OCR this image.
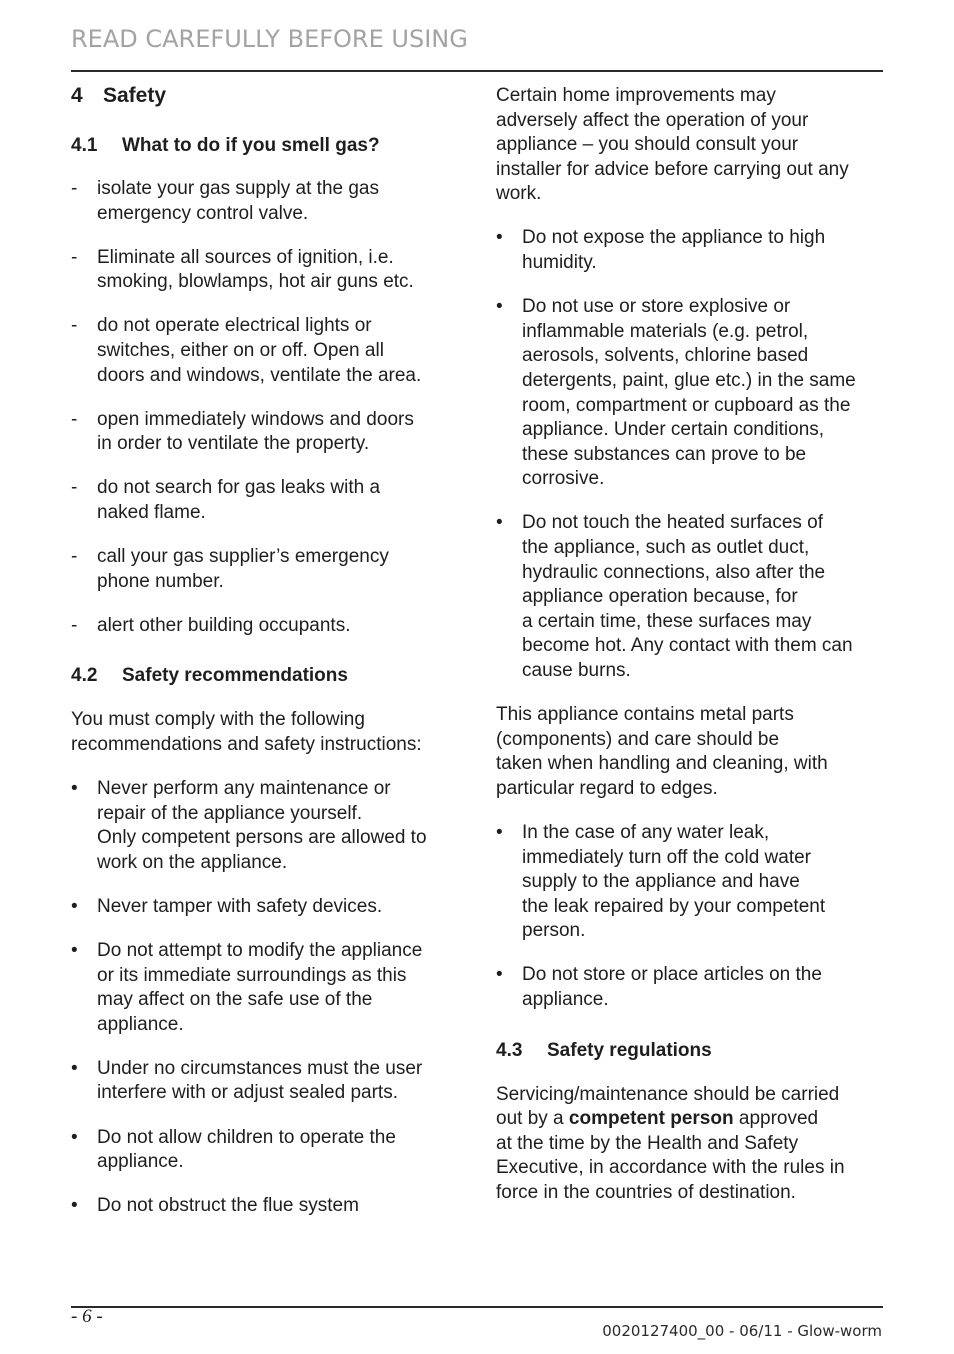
READ CAREFULLY BEFORE USING
4 Safety
4.1 What to do if you smell gas?
-	isolate your gas supply at the gas
emergency control valve.
-	Eliminate all sources of ignition, i.e.
smoking, blowlamps, hot air guns etc.
-	do not operate electrical lights or
switches, either on or off. Open all
doors and windows, ventilate the area.
-	open immediately windows and doors
in order to ventilate the property.
-	do not search for gas leaks with a
naked flame.
-	call your gas supplier’s emergency
phone number.
-	alert other building occupants.
4.2 Safety recommendations

You must comply with the following
recommendations and safety instructions:

•	Never perform any maintenance or
repair of the appliance yourself.
Only competent persons are allowed to
work on the appliance.
•	Never tamper with safety devices.
•	Do not attempt to modify the appliance
or its immediate surroundings as this
may affect on the safe use of the
appliance.
•	Under no circumstances must the user
interfere with or adjust sealed parts.
•	Do not allow children to operate the
appliance.
•	Do not obstruct the flue system

Certain home improvements may
adversely affect the operation of your
appliance – you should consult your
installer for advice before carrying out any
work.

•	Do not expose the appliance to high
humidity.
•	Do not use or store explosive or
inflammable materials (e.g. petrol,
aerosols, solvents, chlorine based
detergents, paint, glue etc.) in the same
room, compartment or cupboard as the
appliance. Under certain conditions,
these substances can prove to be
corrosive.
•	Do not touch the heated surfaces of
the appliance, such as outlet duct,
hydraulic connections, also after the
appliance operation because, for
a certain time, these surfaces may
become hot. Any contact with them can
cause burns.

This appliance contains metal parts
(components) and care should be
taken when handling and cleaning, with
particular regard to edges.

•	In the case of any water leak,
immediately turn off the cold water
supply to the appliance and have
the leak repaired by your competent
person.
•	Do not store or place articles on the
appliance.
4.3 Safety regulations

Servicing/maintenance should be carried
out by a competent person approved
at the time by the Health and Safety
Executive, in accordance with the rules in
force in the countries of destination.

- 6 -
0020127400_00 - 06/11 - Glow-worm
